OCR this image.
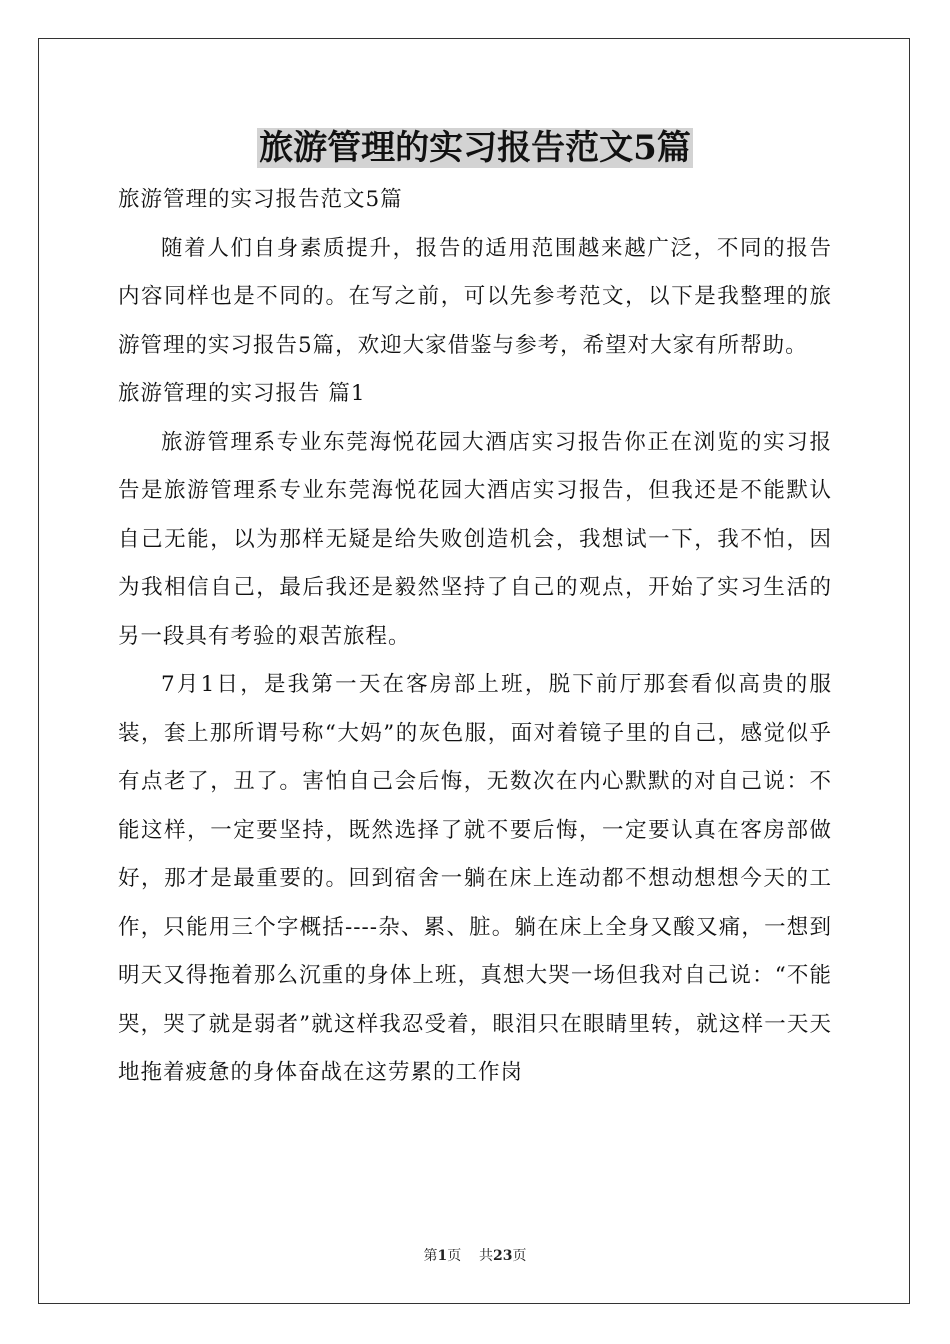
旅游管理的实习报告范文5篇

旅游管理的实习报告范文5篇

随着人们自身素质提升，报告的适用范围越来越广泛，不同的报告内容同样也是不同的。在写之前，可以先参考范文，以下是我整理的旅游管理的实习报告5篇，欢迎大家借鉴与参考，希望对大家有所帮助。

旅游管理的实习报告 篇1

旅游管理系专业东莞海悦花园大酒店实习报告你正在浏览的实习报告是旅游管理系专业东莞海悦花园大酒店实习报告，但我还是不能默认自己无能，以为那样无疑是给失败创造机会，我想试一下，我不怕，因为我相信自己，最后我还是毅然坚持了自己的观点，开始了实习生活的另一段具有考验的艰苦旅程。

7月1日，是我第一天在客房部上班，脱下前厅那套看似高贵的服装，套上那所谓号称“大妈”的灰色服，面对着镜子里的自己，感觉似乎有点老了，丑了。害怕自己会后悔，无数次在内心默默的对自己说：不能这样，一定要坚持，既然选择了就不要后悔，一定要认真在客房部做好，那才是最重要的。回到宿舍一躺在床上连动都不想动想想今天的工作，只能用三个字概括----杂、累、脏。躺在床上全身又酸又痛，一想到明天又得拖着那么沉重的身体上班，真想大哭一场但我对自己说：“不能哭，哭了就是弱者”就这样我忍受着，眼泪只在眼睛里转，就这样一天天地拖着疲惫的身体奋战在这劳累的工作岗

第1页 共23页
